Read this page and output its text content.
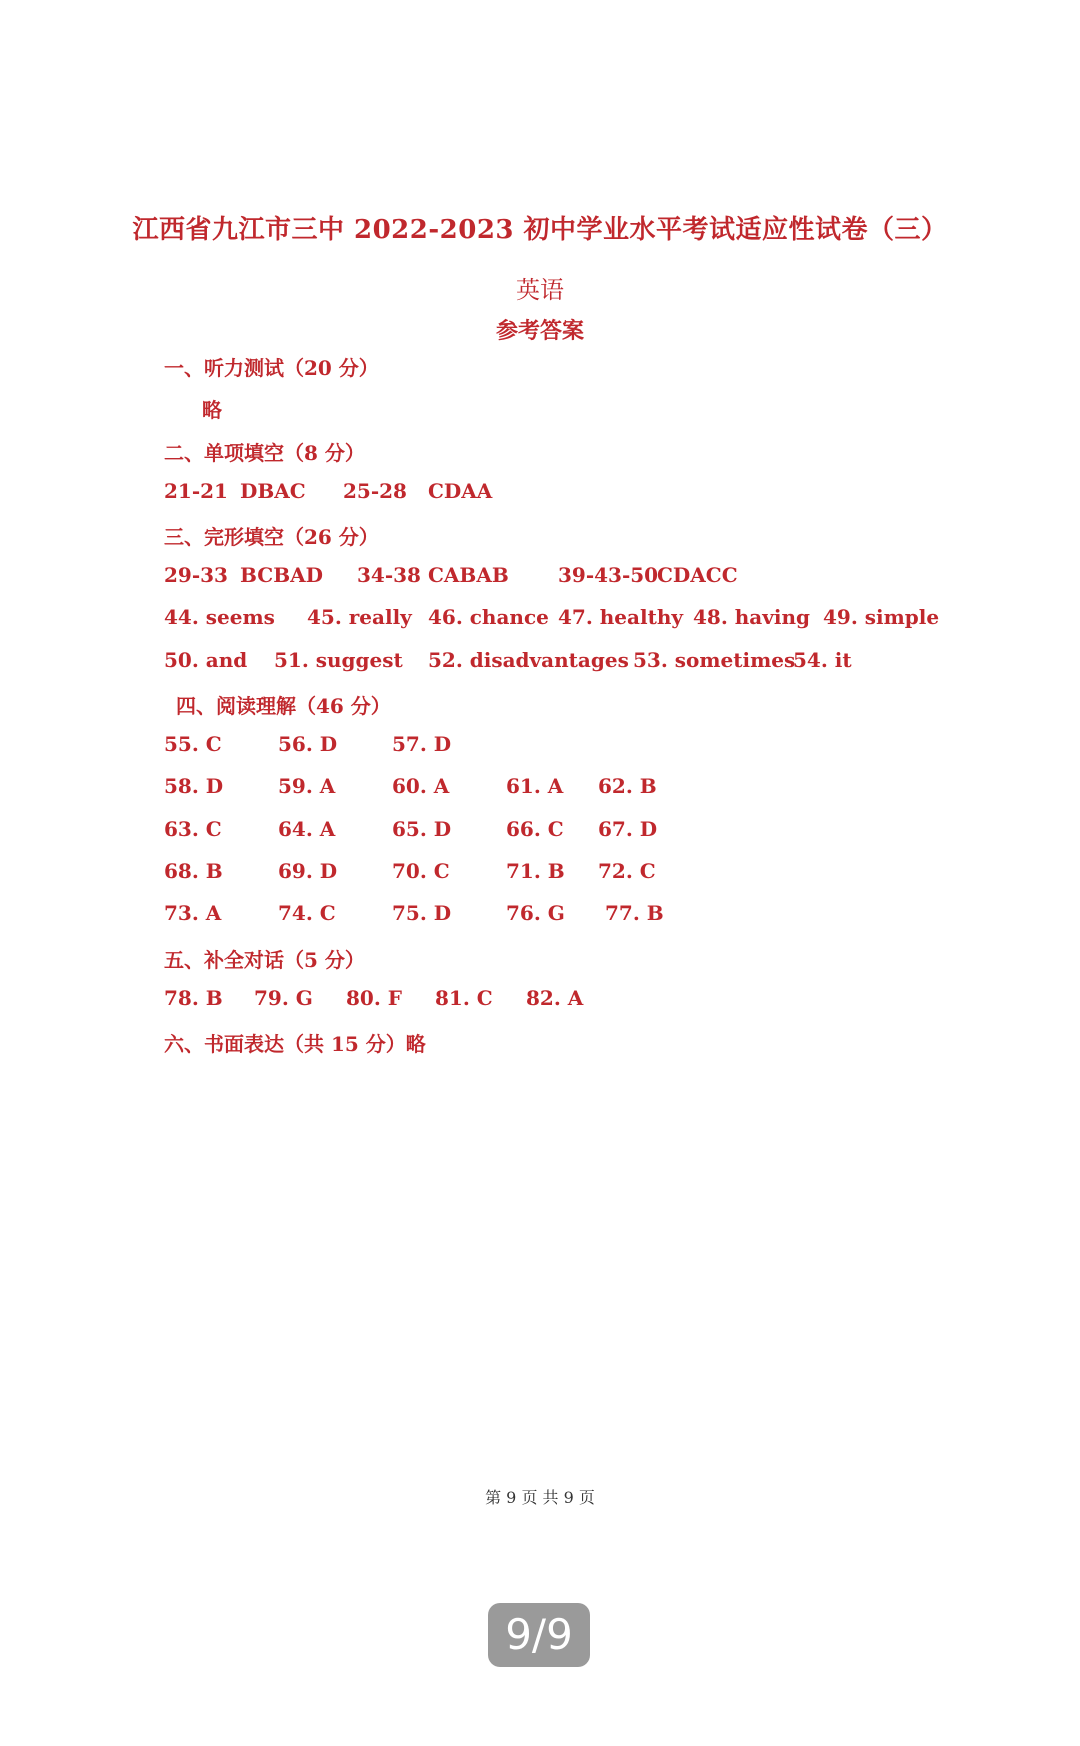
江西省九江市三中 2022-2023 初中学业水平考试适应性试卷（三）
英语
参考答案
一、听力测试（20 分）
略
二、单项填空（8 分）
21-21 DBAC 25-28 CDAA
三、完形填空（26 分）
29-33 BCBAD 34-38 CABAB 39-43-50
CDACC
44. seems 45. really 46. chance 47. healthy 48. having 49. simple
50. and 51. suggest 52. disadvantages 53. sometimes
54. it
四、阅读理解（46 分）
55. C	56. D	57. D
58. D	59. A	60. A	61. A 62. B
63. C	64. A	65. D	66. C 67. D
68. B	69. D	70. C	71. B 72. C
73. A	74. C	75. D	76. G 77. B
五、补全对话（5 分）
78. B 79. G 80. F 81. C 82. A
六、书面表达（共 15 分）略
第 9 页 共 9 页
9/9
